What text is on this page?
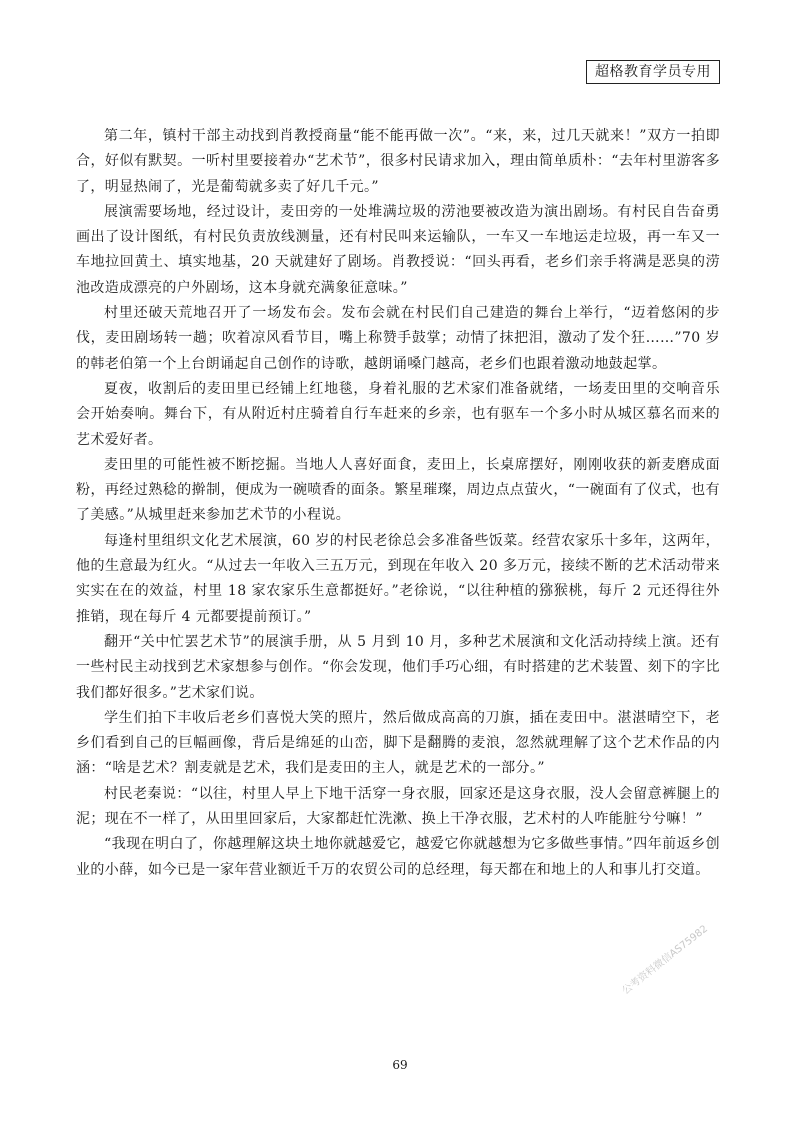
超格教育学员专用

第二年，镇村干部主动找到肖教授商量“能不能再做一次”。“来，来，过几天就来！”双方一拍即合，好似有默契。一听村里要接着办“艺术节”，很多村民请求加入，理由简单质朴：“去年村里游客多了，明显热闹了，光是葡萄就多卖了好几千元。”

展演需要场地，经过设计，麦田旁的一处堆满垃圾的涝池要被改造为演出剧场。有村民自告奋勇画出了设计图纸，有村民负责放线测量，还有村民叫来运输队，一车又一车地运走垃圾，再一车又一车地拉回黄土、填实地基，20 天就建好了剧场。肖教授说：“回头再看，老乡们亲手将满是恶臭的涝池改造成漂亮的户外剧场，这本身就充满象征意味。”

村里还破天荒地召开了一场发布会。发布会就在村民们自己建造的舞台上举行，“迈着悠闲的步伐，麦田剧场转一趟；吹着凉风看节目，嘴上称赞手鼓掌；动情了抹把泪，激动了发个狂……”70 岁的韩老伯第一个上台朗诵起自己创作的诗歌，越朗诵嗓门越高，老乡们也跟着激动地鼓起掌。

夏夜，收割后的麦田里已经铺上红地毯，身着礼服的艺术家们准备就绪，一场麦田里的交响音乐会开始奏响。舞台下，有从附近村庄骑着自行车赶来的乡亲，也有驱车一个多小时从城区慕名而来的艺术爱好者。

麦田里的可能性被不断挖掘。当地人人喜好面食，麦田上，长桌席摆好，刚刚收获的新麦磨成面粉，再经过熟稔的擀制，便成为一碗喷香的面条。繁星璀璨，周边点点萤火，“一碗面有了仪式，也有了美感。”从城里赶来参加艺术节的小程说。

每逢村里组织文化艺术展演，60 岁的村民老徐总会多准备些饭菜。经营农家乐十多年，这两年，他的生意最为红火。“从过去一年收入三五万元，到现在年收入 20 多万元，接续不断的艺术活动带来实实在在的效益，村里 18 家农家乐生意都挺好。”老徐说，“以往种植的猕猴桃，每斤 2 元还得往外推销，现在每斤 4 元都要提前预订。”

翻开“关中忙罢艺术节”的展演手册，从 5 月到 10 月，多种艺术展演和文化活动持续上演。还有一些村民主动找到艺术家想参与创作。“你会发现，他们手巧心细，有时搭建的艺术装置、刻下的字比我们都好很多。”艺术家们说。

学生们拍下丰收后老乡们喜悦大笑的照片，然后做成高高的刀旗，插在麦田中。湛湛晴空下，老乡们看到自己的巨幅画像，背后是绵延的山峦，脚下是翻腾的麦浪，忽然就理解了这个艺术作品的内涵：“啥是艺术？割麦就是艺术，我们是麦田的主人，就是艺术的一部分。”

村民老秦说：“以往，村里人早上下地干活穿一身衣服，回家还是这身衣服，没人会留意裤腿上的泥；现在不一样了，从田里回家后，大家都赶忙洗漱、换上干净衣服，艺术村的人咋能脏兮兮嘛！”

“我现在明白了，你越理解这块土地你就越爱它，越爱它你就越想为它多做些事情。”四年前返乡创业的小薛，如今已是一家年营业额近千万的农贸公司的总经理，每天都在和地上的人和事儿打交道。

公考资料微信AS75982
69
